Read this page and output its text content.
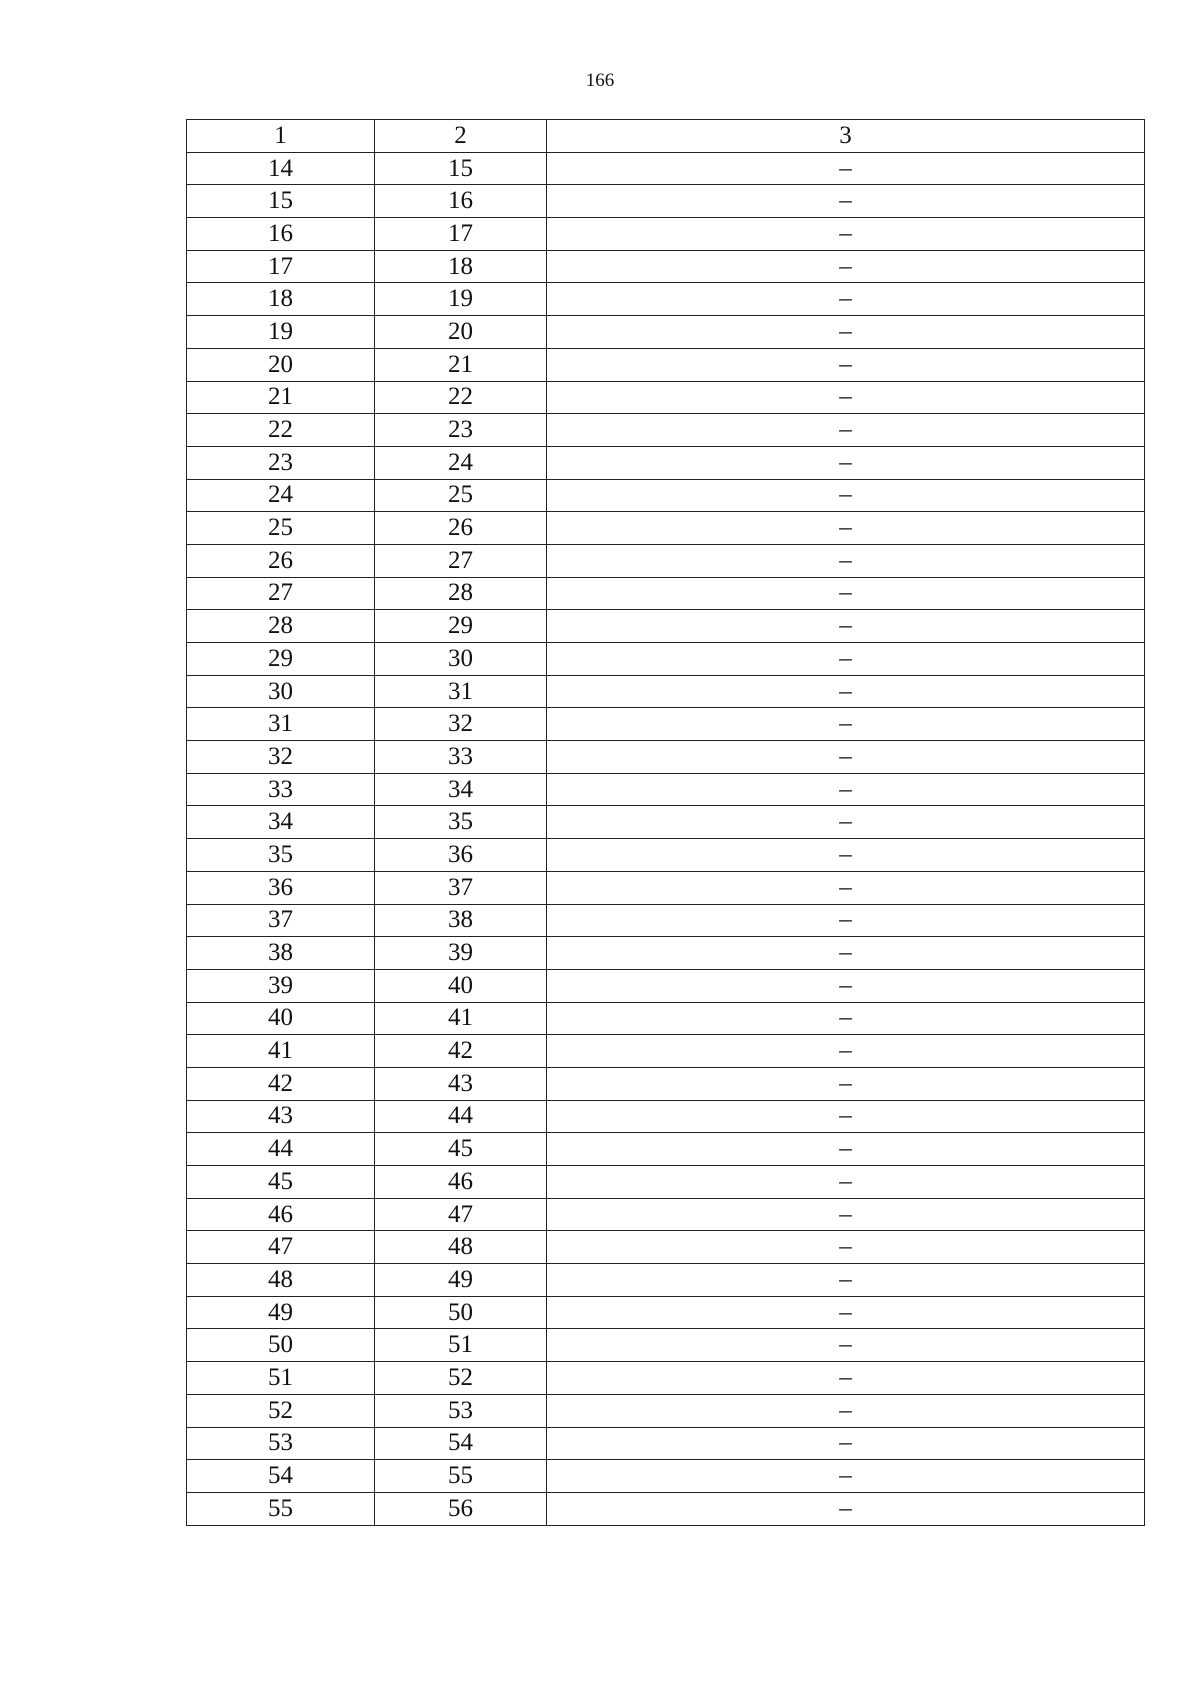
166
1	2	3
14	15	–
15	16	–
16	17	–
17	18	–
18	19	–
19	20	–
20	21	–
21	22	–
22	23	–
23	24	–
24	25	–
25	26	–
26	27	–
27	28	–
28	29	–
29	30	–
30	31	–
31	32	–
32	33	–
33	34	–
34	35	–
35	36	–
36	37	–
37	38	–
38	39	–
39	40	–
40	41	–
41	42	–
42	43	–
43	44	–
44	45	–
45	46	–
46	47	–
47	48	–
48	49	–
49	50	–
50	51	–
51	52	–
52	53	–
53	54	–
54	55	–
55	56	–
